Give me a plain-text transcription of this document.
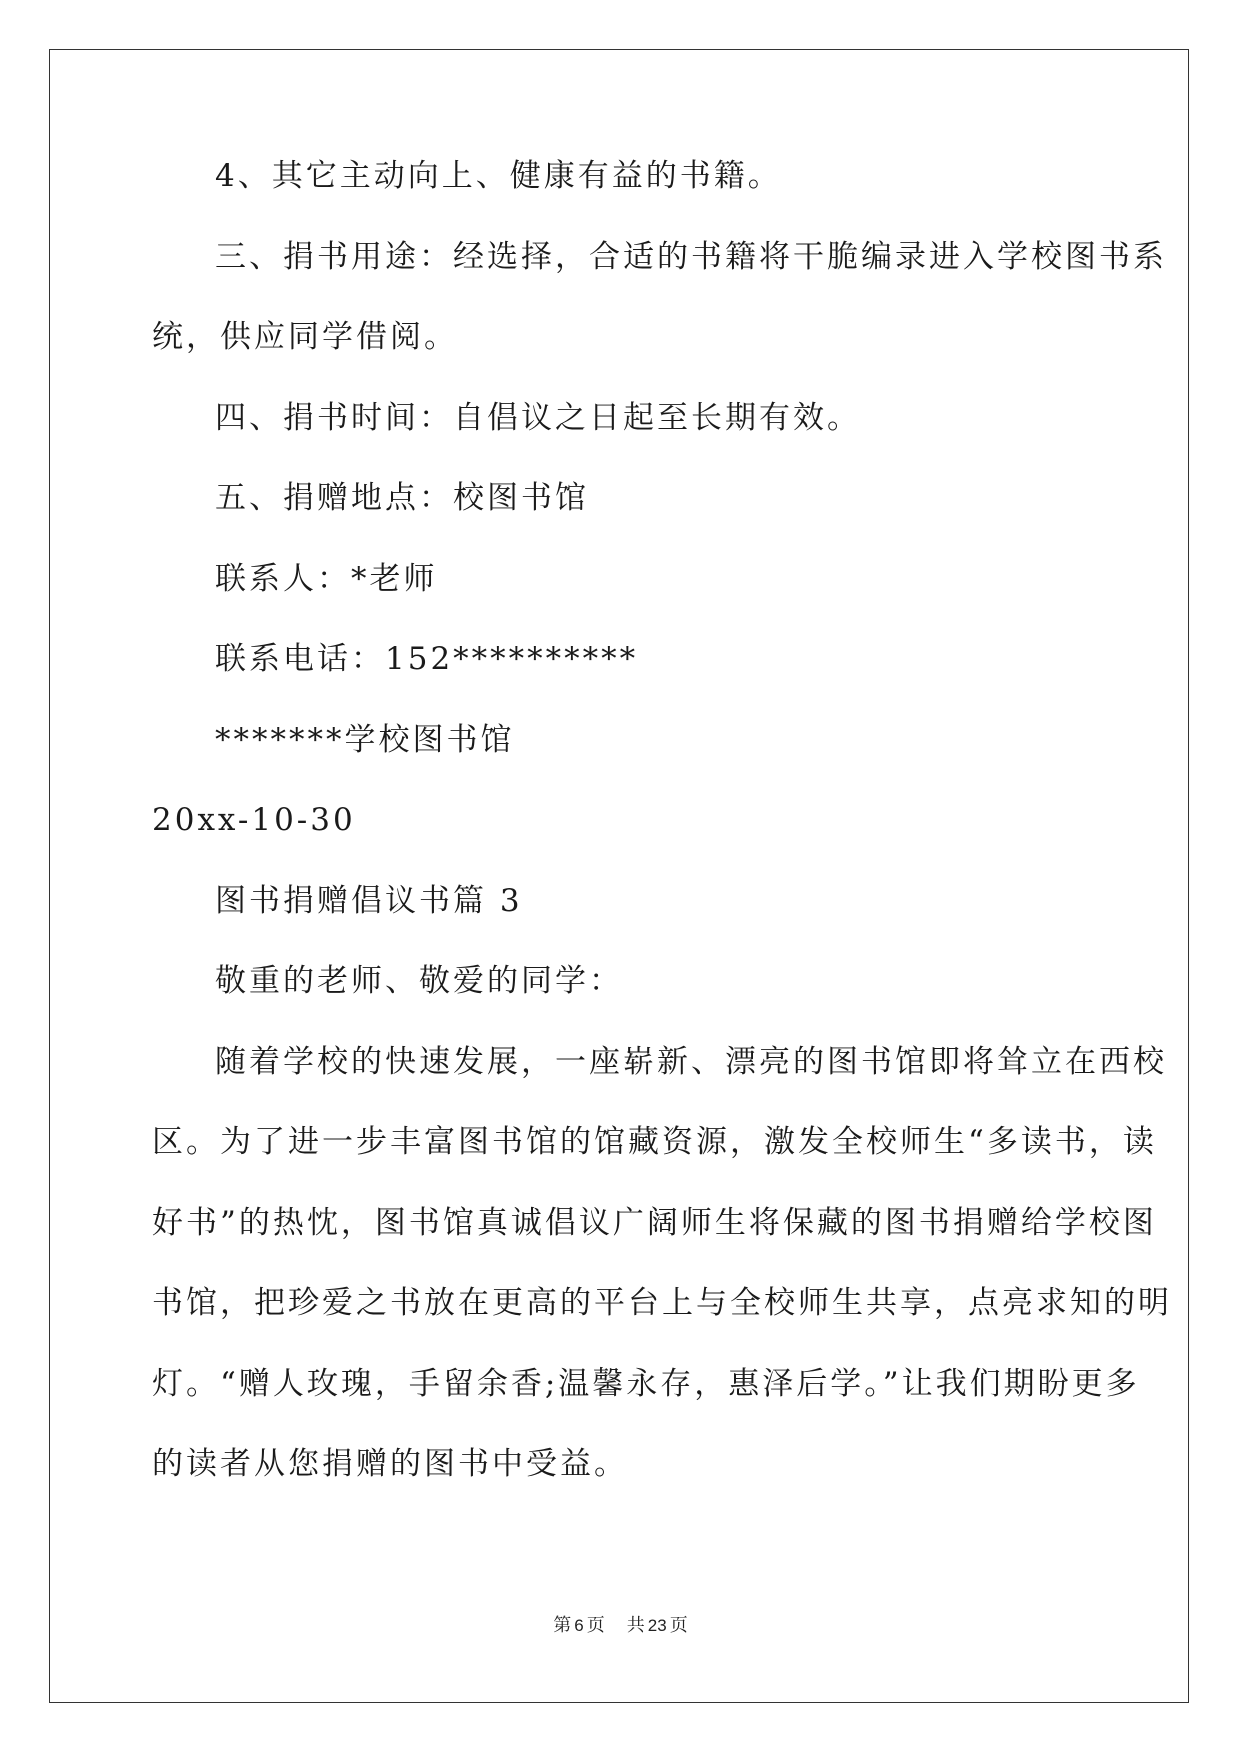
4、其它主动向上、健康有益的书籍。
三、捐书用途：经选择，合适的书籍将干脆编录进入学校图书系
统，供应同学借阅。
四、捐书时间：自倡议之日起至长期有效。
五、捐赠地点：校图书馆
联系人：*老师
联系电话：152**********
*******学校图书馆
20xx-10-30
图书捐赠倡议书篇 3
敬重的老师、敬爱的同学：
随着学校的快速发展，一座崭新、漂亮的图书馆即将耸立在西校
区。为了进一步丰富图书馆的馆藏资源，激发全校师生“多读书，读
好书”的热忱，图书馆真诚倡议广阔师生将保藏的图书捐赠给学校图
书馆，把珍爱之书放在更高的平台上与全校师生共享，点亮求知的明
灯。“赠人玫瑰，手留余香;温馨永存，惠泽后学。”让我们期盼更多
的读者从您捐赠的图书中受益。
第 6 页 共 23 页
